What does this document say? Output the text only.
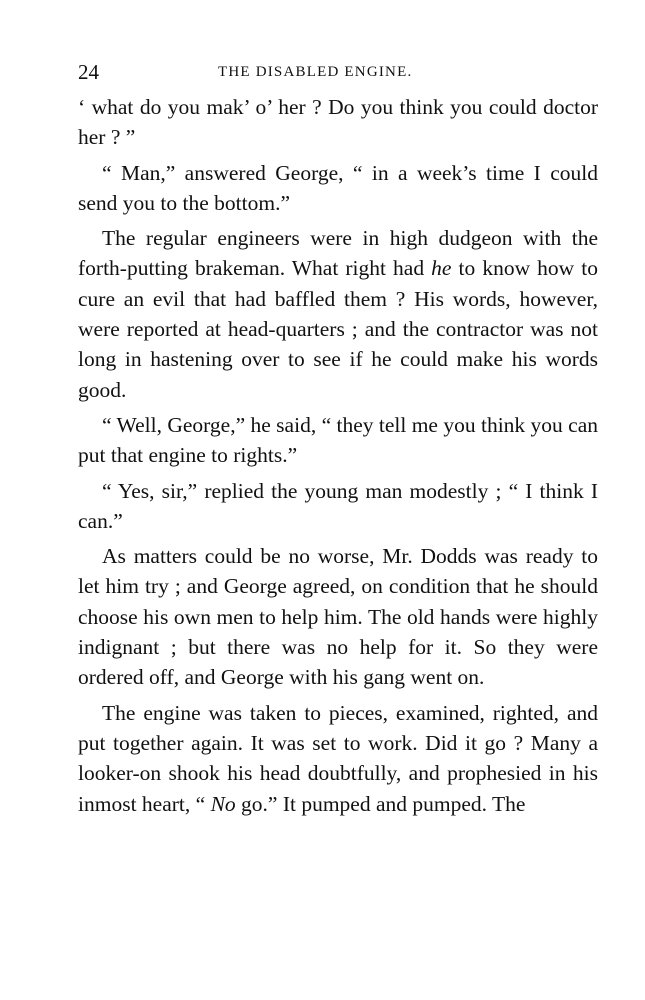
24	THE DISABLED ENGINE.

‘ what do you mak’ o’ her ? Do you think you could doctor her ? ”

“ Man,” answered George, “ in a week’s time I could send you to the bottom.”

The regular engineers were in high dudgeon with the forth-putting brakeman. What right had he to know how to cure an evil that had baffled them ? His words, however, were reported at head-quarters ; and the contractor was not long in hastening over to see if he could make his words good.

“ Well, George,” he said, “ they tell me you think you can put that engine to rights.”

“ Yes, sir,” replied the young man modestly ; “ I think I can.”

As matters could be no worse, Mr. Dodds was ready to let him try ; and George agreed, on condition that he should choose his own men to help him. The old hands were highly indignant ; but there was no help for it. So they were ordered off, and George with his gang went on.

The engine was taken to pieces, examined, righted, and put together again. It was set to work. Did it go ? Many a looker-on shook his head doubtfully, and prophesied in his inmost heart, “ No go.” It pumped and pumped. The
